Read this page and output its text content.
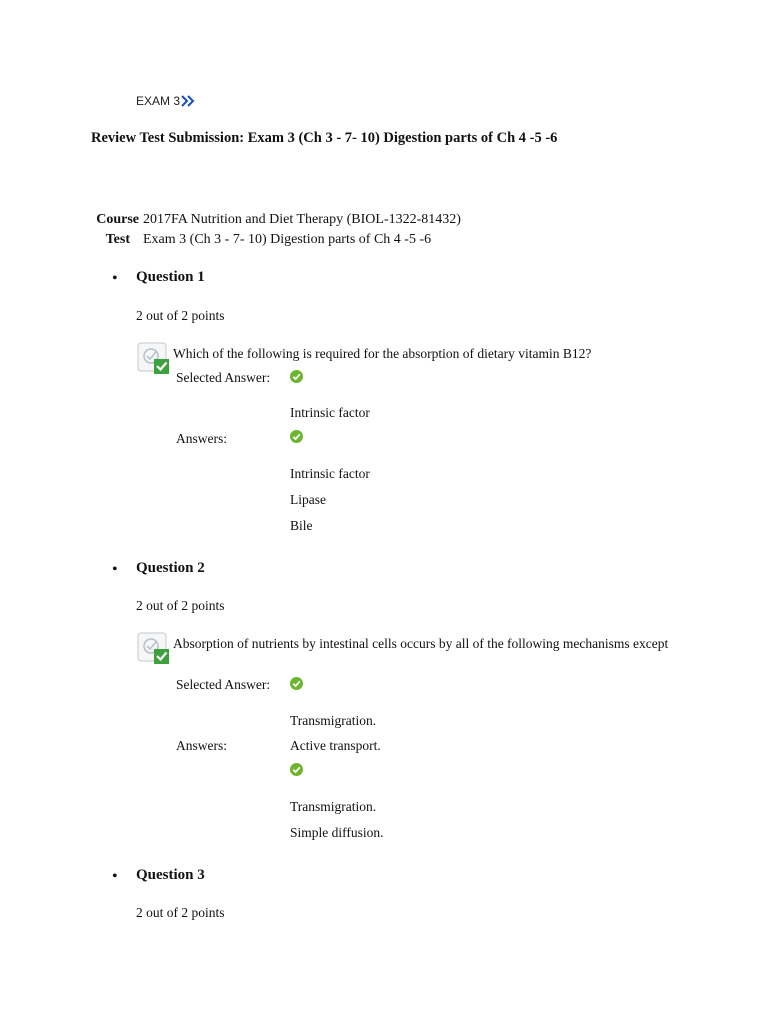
EXAM 3
Review Test Submission: Exam 3 (Ch 3 - 7- 10) Digestion parts of Ch 4 -5 -6
Course 2017FA Nutrition and Diet Therapy (BIOL-1322-81432)
Test Exam 3 (Ch 3 - 7- 10) Digestion parts of Ch 4 -5 -6
• Question 1
2 out of 2 points
Which of the following is required for the absorption of dietary vitamin B12?
Selected Answer:
Intrinsic factor
Answers:
Intrinsic factor
Lipase
Bile
• Question 2
2 out of 2 points
Absorption of nutrients by intestinal cells occurs by all of the following mechanisms except
Selected Answer:
Transmigration.
Answers:	Active transport.
Transmigration.
Simple diffusion.
• Question 3
2 out of 2 points
